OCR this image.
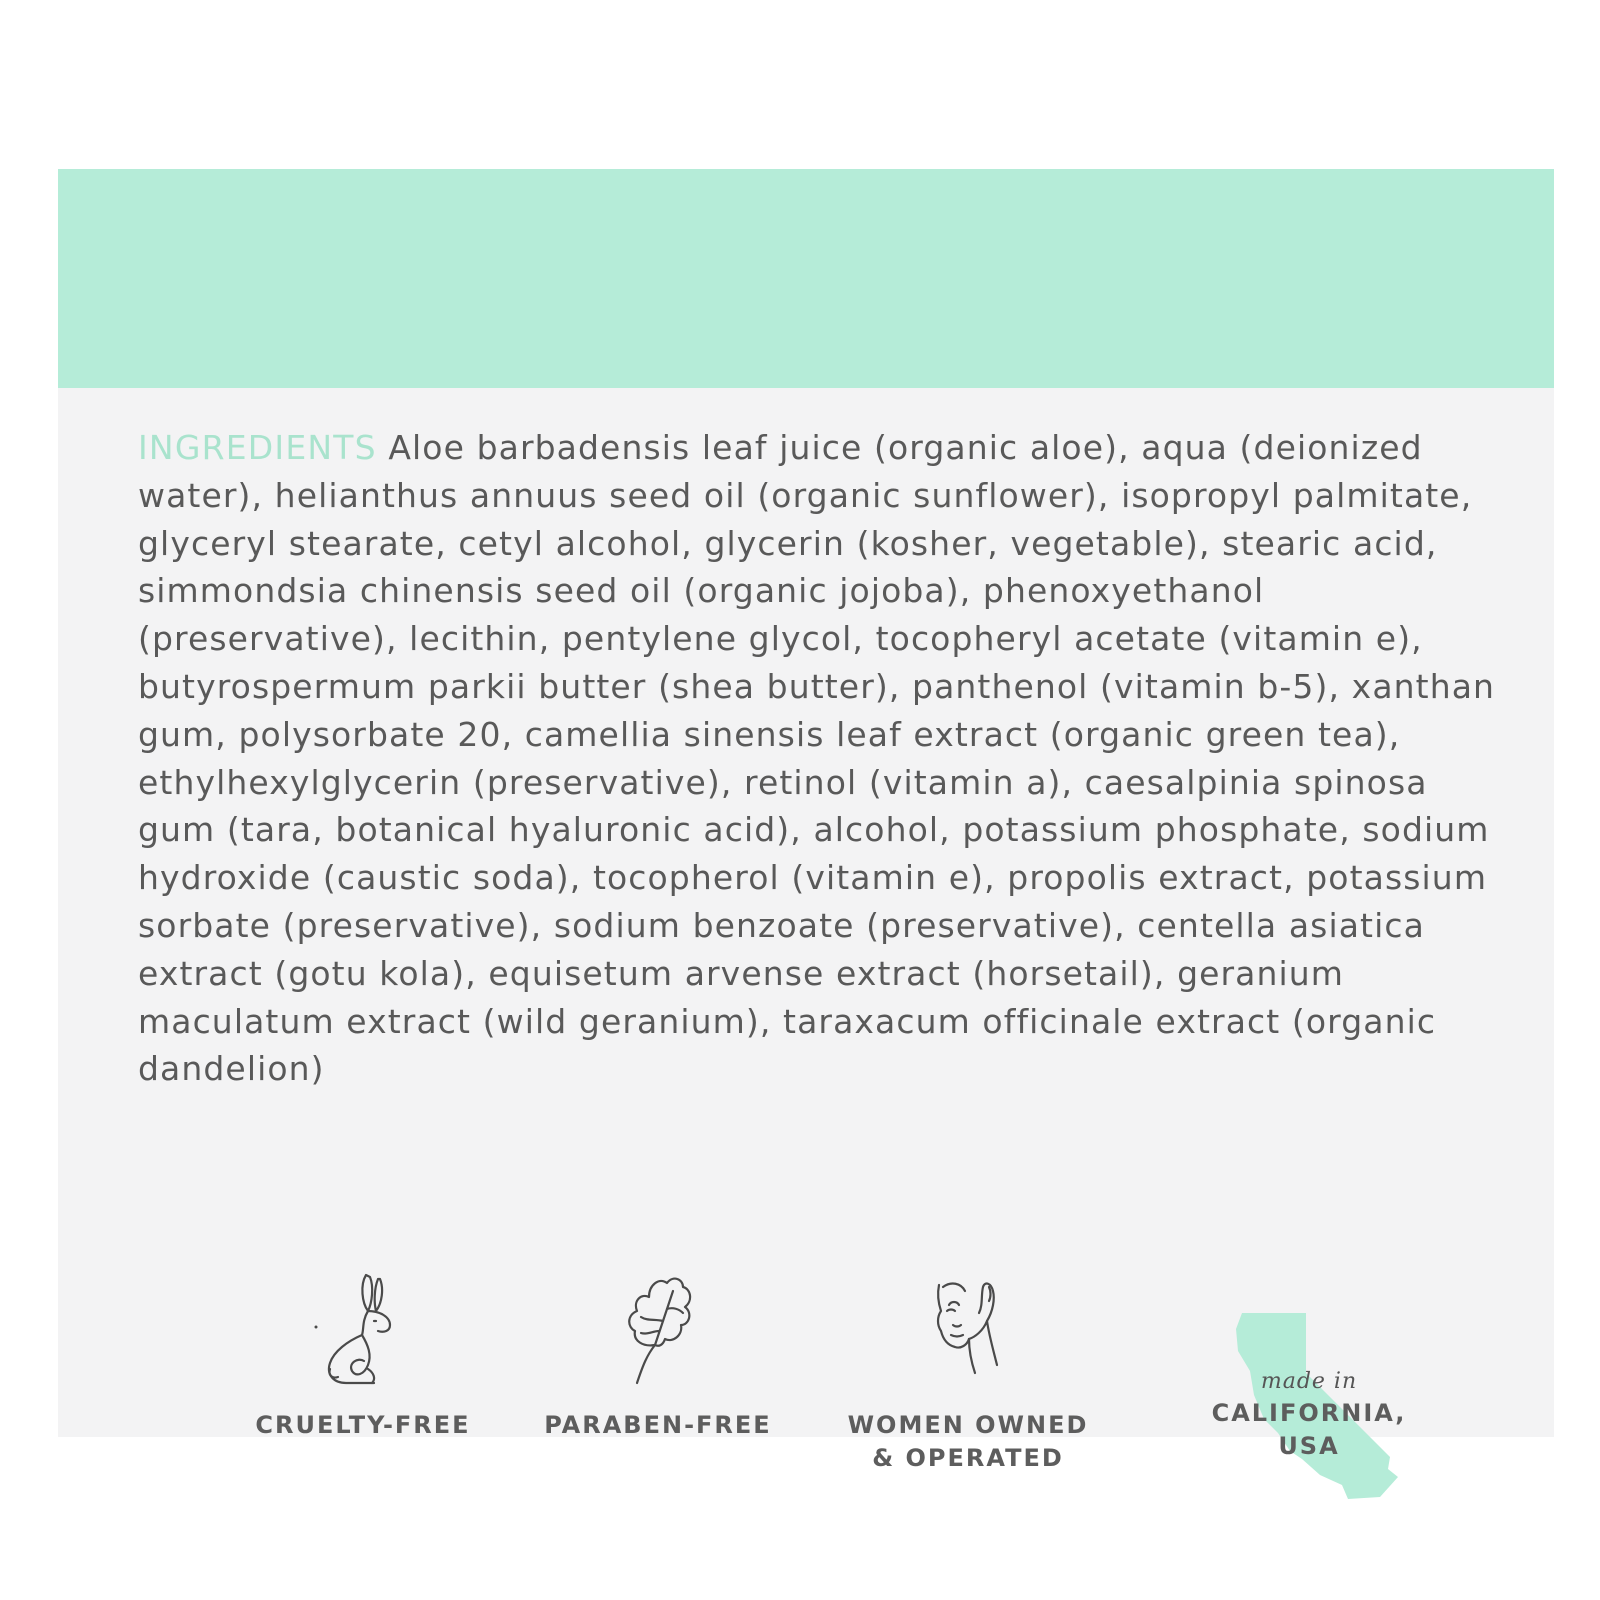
INGREDIENTS Aloe barbadensis leaf juice (organic aloe), aqua (deionized water), helianthus annuus seed oil (organic sunflower), isopropyl palmitate, glyceryl stearate, cetyl alcohol, glycerin (kosher, vegetable), stearic acid, simmondsia chinensis seed oil (organic jojoba), phenoxyethanol (preservative), lecithin, pentylene glycol, tocopheryl acetate (vitamin e), butyrospermum parkii butter (shea butter), panthenol (vitamin b-5), xanthan gum, polysorbate 20, camellia sinensis leaf extract (organic green tea), ethylhexylglycerin (preservative), retinol (vitamin a), caesalpinia spinosa gum (tara, botanical hyaluronic acid), alcohol, potassium phosphate, sodium hydroxide (caustic soda), tocopherol (vitamin e), propolis extract, potassium sorbate (preservative), sodium benzoate (preservative), centella asiatica extract (gotu kola), equisetum arvense extract (horsetail), geranium maculatum extract (wild geranium), taraxacum officinale extract (organic dandelion)

CRUELTY-FREE	PARABEN-FREE	WOMEN OWNED
& OPERATED
made in
CALIFORNIA,
USA
